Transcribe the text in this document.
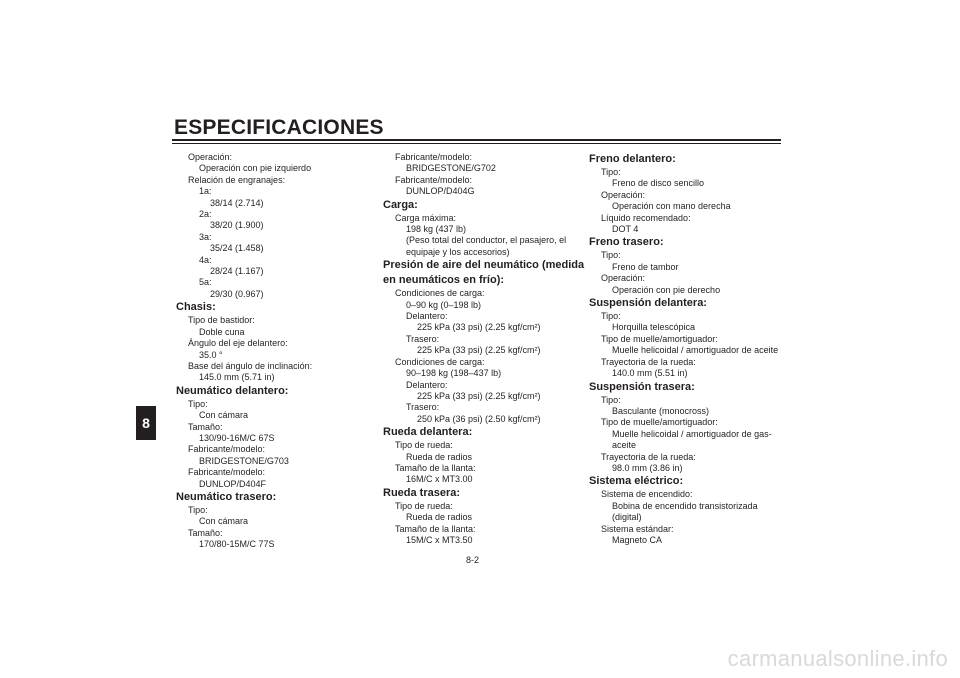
ESPECIFICACIONES
8
Operación:
Operación con pie izquierdo
Relación de engranajes:
1a:
38/14 (2.714)
2a:
38/20 (1.900)
3a:
35/24 (1.458)
4a:
28/24 (1.167)
5a:
29/30 (0.967)
Chasis:
Tipo de bastidor:
Doble cuna
Ángulo del eje delantero:
35.0 °
Base del ángulo de inclinación:
145.0 mm (5.71 in)
Neumático delantero:
Tipo:
Con cámara
Tamaño:
130/90-16M/C 67S
Fabricante/modelo:
BRIDGESTONE/G703
Fabricante/modelo:
DUNLOP/D404F
Neumático trasero:
Tipo:
Con cámara
Tamaño:
170/80-15M/C 77S
Fabricante/modelo:
BRIDGESTONE/G702
Fabricante/modelo:
DUNLOP/D404G
Carga:
Carga máxima:
198 kg (437 lb)
(Peso total del conductor, el pasajero, el
equipaje y los accesorios)
Presión de aire del neumático (medida
en neumáticos en frío):
Condiciones de carga:
0–90 kg (0–198 lb)
Delantero:
225 kPa (33 psi) (2.25 kgf/cm²)
Trasero:
225 kPa (33 psi) (2.25 kgf/cm²)
Condiciones de carga:
90–198 kg (198–437 lb)
Delantero:
225 kPa (33 psi) (2.25 kgf/cm²)
Trasero:
250 kPa (36 psi) (2.50 kgf/cm²)
Rueda delantera:
Tipo de rueda:
Rueda de radios
Tamaño de la llanta:
16M/C x MT3.00
Rueda trasera:
Tipo de rueda:
Rueda de radios
Tamaño de la llanta:
15M/C x MT3.50
Freno delantero:
Tipo:
Freno de disco sencillo
Operación:
Operación con mano derecha
Líquido recomendado:
DOT 4
Freno trasero:
Tipo:
Freno de tambor
Operación:
Operación con pie derecho
Suspensión delantera:
Tipo:
Horquilla telescópica
Tipo de muelle/amortiguador:
Muelle helicoidal / amortiguador de aceite
Trayectoria de la rueda:
140.0 mm (5.51 in)
Suspensión trasera:
Tipo:
Basculante (monocross)
Tipo de muelle/amortiguador:
Muelle helicoidal / amortiguador de gas-
aceite
Trayectoria de la rueda:
98.0 mm (3.86 in)
Sistema eléctrico:
Sistema de encendido:
Bobina de encendido transistorizada
(digital)
Sistema estándar:
Magneto CA
8-2
carmanualsonline.info
